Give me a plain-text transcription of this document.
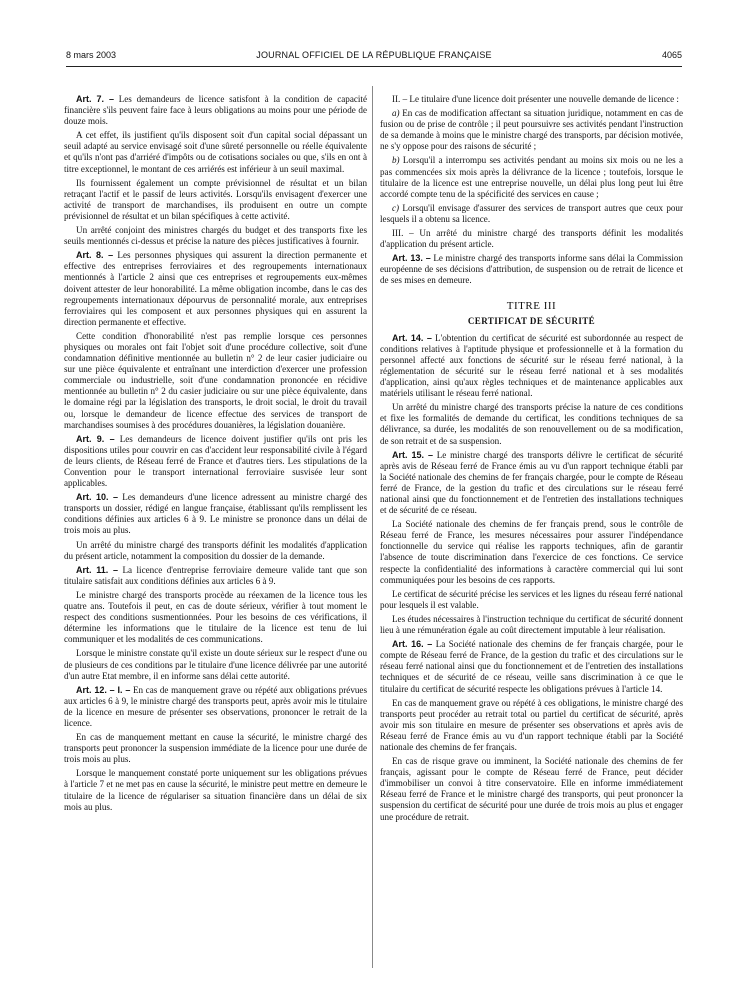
8 mars 2003	JOURNAL OFFICIEL DE LA RÉPUBLIQUE FRANÇAISE	4065

Art. 7. – Les demandeurs de licence satisfont à la condition de capacité financière s'ils peuvent faire face à leurs obligations au moins pour une période de douze mois.

A cet effet, ils justifient qu'ils disposent soit d'un capital social dépassant un seuil adapté au service envisagé soit d'une sûreté personnelle ou réelle équivalente et qu'ils n'ont pas d'arriéré d'impôts ou de cotisations sociales ou que, s'ils en ont à titre exceptionnel, le montant de ces arriérés est inférieur à un seuil maximal.

Ils fournissent également un compte prévisionnel de résultat et un bilan retraçant l'actif et le passif de leurs activités. Lorsqu'ils envisagent d'exercer une activité de transport de marchandises, ils produisent en outre un compte prévisionnel de résultat et un bilan spécifiques à cette activité.

Un arrêté conjoint des ministres chargés du budget et des transports fixe les seuils mentionnés ci-dessus et précise la nature des pièces justificatives à fournir.

Art. 8. – Les personnes physiques qui assurent la direction permanente et effective des entreprises ferroviaires et des regroupements internationaux mentionnés à l'article 2 ainsi que ces entreprises et regroupements eux-mêmes doivent attester de leur honorabilité. La même obligation incombe, dans le cas des regroupements internationaux dépourvus de personnalité morale, aux entreprises ferroviaires qui les composent et aux personnes physiques qui en assurent la direction permanente et effective.

Cette condition d'honorabilité n'est pas remplie lorsque ces personnes physiques ou morales ont fait l'objet soit d'une procédure collective, soit d'une condamnation définitive mentionnée au bulletin n° 2 de leur casier judiciaire ou sur une pièce équivalente et entraînant une interdiction d'exercer une profession commerciale ou industrielle, soit d'une condamnation prononcée en récidive mentionnée au bulletin n° 2 du casier judiciaire ou sur une pièce équivalente, dans le domaine régi par la législation des transports, le droit social, le droit du travail ou, lorsque le demandeur de licence effectue des services de transport de marchandises soumises à des procédures douanières, la législation douanière.

Art. 9. – Les demandeurs de licence doivent justifier qu'ils ont pris les dispositions utiles pour couvrir en cas d'accident leur responsabilité civile à l'égard de leurs clients, de Réseau ferré de France et d'autres tiers. Les stipulations de la Convention pour le transport international ferroviaire susvisée leur sont applicables.

Art. 10. – Les demandeurs d'une licence adressent au ministre chargé des transports un dossier, rédigé en langue française, établissant qu'ils remplissent les conditions définies aux articles 6 à 9. Le ministre se prononce dans un délai de trois mois au plus.

Un arrêté du ministre chargé des transports définit les modalités d'application du présent article, notamment la composition du dossier de la demande.

Art. 11. – La licence d'entreprise ferroviaire demeure valide tant que son titulaire satisfait aux conditions définies aux articles 6 à 9.

Le ministre chargé des transports procède au réexamen de la licence tous les quatre ans. Toutefois il peut, en cas de doute sérieux, vérifier à tout moment le respect des conditions susmentionnées. Pour les besoins de ces vérifications, il détermine les informations que le titulaire de la licence est tenu de lui communiquer et les modalités de ces communications.

Lorsque le ministre constate qu'il existe un doute sérieux sur le respect d'une ou de plusieurs de ces conditions par le titulaire d'une licence délivrée par une autorité d'un autre Etat membre, il en informe sans délai cette autorité.

Art. 12. – I. – En cas de manquement grave ou répété aux obligations prévues aux articles 6 à 9, le ministre chargé des transports peut, après avoir mis le titulaire de la licence en mesure de présenter ses observations, prononcer le retrait de la licence.

En cas de manquement mettant en cause la sécurité, le ministre chargé des transports peut prononcer la suspension immédiate de la licence pour une durée de trois mois au plus.

Lorsque le manquement constaté porte uniquement sur les obligations prévues à l'article 7 et ne met pas en cause la sécurité, le ministre peut mettre en demeure le titulaire de la licence de régulariser sa situation financière dans un délai de six mois au plus.

II. – Le titulaire d'une licence doit présenter une nouvelle demande de licence :

a) En cas de modification affectant sa situation juridique, notamment en cas de fusion ou de prise de contrôle ; il peut poursuivre ses activités pendant l'instruction de sa demande à moins que le ministre chargé des transports, par décision motivée, ne s'y oppose pour des raisons de sécurité ;

b) Lorsqu'il a interrompu ses activités pendant au moins six mois ou ne les a pas commencées six mois après la délivrance de la licence ; toutefois, lorsque le titulaire de la licence est une entreprise nouvelle, un délai plus long peut lui être accordé compte tenu de la spécificité des services en cause ;

c) Lorsqu'il envisage d'assurer des services de transport autres que ceux pour lesquels il a obtenu sa licence.

III. – Un arrêté du ministre chargé des transports définit les modalités d'application du présent article.

Art. 13. – Le ministre chargé des transports informe sans délai la Commission européenne de ses décisions d'attribution, de suspension ou de retrait de licence et de ses mises en demeure.

TITRE III
CERTIFICAT DE SÉCURITÉ

Art. 14. – L'obtention du certificat de sécurité est subordonnée au respect de conditions relatives à l'aptitude physique et professionnelle et à la formation du personnel affecté aux fonctions de sécurité sur le réseau ferré national, à la réglementation de sécurité sur le réseau ferré national et à ses modalités d'application, ainsi qu'aux règles techniques et de maintenance applicables aux matériels utilisant le réseau ferré national.

Un arrêté du ministre chargé des transports précise la nature de ces conditions et fixe les formalités de demande du certificat, les conditions techniques de sa délivrance, sa durée, les modalités de son renouvellement ou de sa modification, de son retrait et de sa suspension.

Art. 15. – Le ministre chargé des transports délivre le certificat de sécurité après avis de Réseau ferré de France émis au vu d'un rapport technique établi par la Société nationale des chemins de fer français chargée, pour le compte de Réseau ferré de France, de la gestion du trafic et des circulations sur le réseau ferré national ainsi que du fonctionnement et de l'entretien des installations techniques et de sécurité de ce réseau.

La Société nationale des chemins de fer français prend, sous le contrôle de Réseau ferré de France, les mesures nécessaires pour assurer l'indépendance fonctionnelle du service qui réalise les rapports techniques, afin de garantir l'absence de toute discrimination dans l'exercice de ces fonctions. Ce service respecte la confidentialité des informations à caractère commercial qui lui sont communiquées pour les besoins de ces rapports.

Le certificat de sécurité précise les services et les lignes du réseau ferré national pour lesquels il est valable.

Les études nécessaires à l'instruction technique du certificat de sécurité donnent lieu à une rémunération égale au coût directement imputable à leur réalisation.

Art. 16. – La Société nationale des chemins de fer français chargée, pour le compte de Réseau ferré de France, de la gestion du trafic et des circulations sur le réseau ferré national ainsi que du fonctionnement et de l'entretien des installations techniques et de sécurité de ce réseau, veille sans discrimination à ce que le titulaire du certificat de sécurité respecte les obligations prévues à l'article 14.

En cas de manquement grave ou répété à ces obligations, le ministre chargé des transports peut procéder au retrait total ou partiel du certificat de sécurité, après avoir mis son titulaire en mesure de présenter ses observations et après avis de Réseau ferré de France émis au vu d'un rapport technique établi par la Société nationale des chemins de fer français.

En cas de risque grave ou imminent, la Société nationale des chemins de fer français, agissant pour le compte de Réseau ferré de France, peut décider d'immobiliser un convoi à titre conservatoire. Elle en informe immédiatement Réseau ferré de France et le ministre chargé des transports, qui peut prononcer la suspension du certificat de sécurité pour une durée de trois mois au plus et engager une procédure de retrait.
